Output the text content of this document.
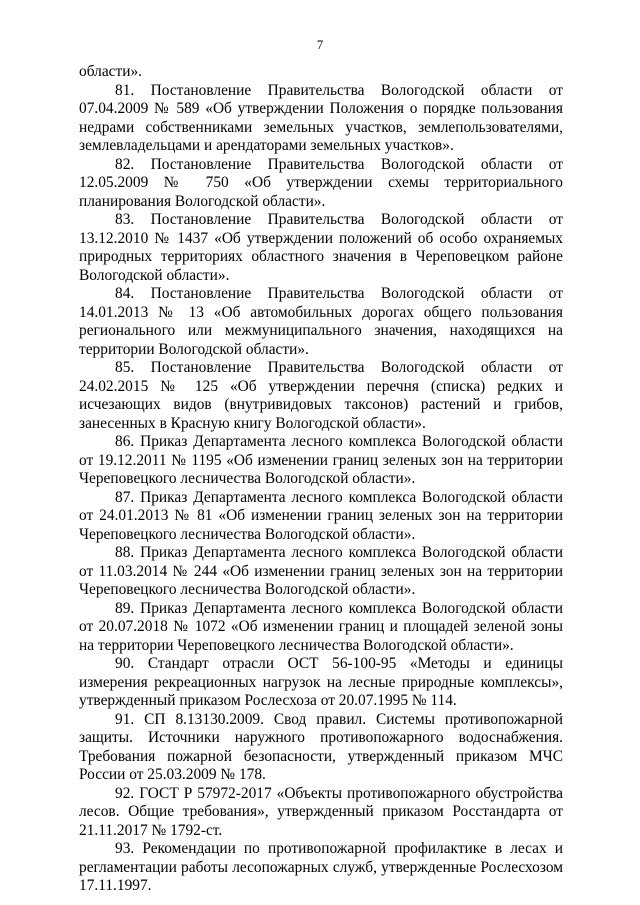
7

области».

81. Постановление Правительства Вологодской области от 07.04.2009 № 589 «Об утверждении Положения о порядке пользования недрами собственниками земельных участков, землепользователями, землевладельцами и арендаторами земельных участков».

82. Постановление Правительства Вологодской области от 12.05.2009 № 750 «Об утверждении схемы территориального планирования Вологодской области».

83. Постановление Правительства Вологодской области от 13.12.2010 № 1437 «Об утверждении положений об особо охраняемых природных территориях областного значения в Череповецком районе Вологодской области».

84. Постановление Правительства Вологодской области от 14.01.2013 № 13 «Об автомобильных дорогах общего пользования регионального или межмуниципального значения, находящихся на территории Вологодской области».

85. Постановление Правительства Вологодской области от 24.02.2015 № 125 «Об утверждении перечня (списка) редких и исчезающих видов (внутривидовых таксонов) растений и грибов, занесенных в Красную книгу Вологодской области».

86. Приказ Департамента лесного комплекса Вологодской области от 19.12.2011 № 1195 «Об изменении границ зеленых зон на территории Череповецкого лесничества Вологодской области».

87. Приказ Департамента лесного комплекса Вологодской области от 24.01.2013 № 81 «Об изменении границ зеленых зон на территории Череповецкого лесничества Вологодской области».

88. Приказ Департамента лесного комплекса Вологодской области от 11.03.2014 № 244 «Об изменении границ зеленых зон на территории Череповецкого лесничества Вологодской области».

89. Приказ Департамента лесного комплекса Вологодской области от 20.07.2018 № 1072 «Об изменении границ и площадей зеленой зоны на территории Череповецкого лесничества Вологодской области».

90. Стандарт отрасли ОСТ 56-100-95 «Методы и единицы измерения рекреационных нагрузок на лесные природные комплексы», утвержденный приказом Рослесхоза от 20.07.1995 № 114.

91. СП 8.13130.2009. Свод правил. Системы противопожарной защиты. Источники наружного противопожарного водоснабжения. Требования пожарной безопасности, утвержденный приказом МЧС России от 25.03.2009 № 178.

92. ГОСТ Р 57972-2017 «Объекты противопожарного обустройства лесов. Общие требования», утвержденный приказом Росстандарта от 21.11.2017 № 1792-ст.

93. Рекомендации по противопожарной профилактике в лесах и регламентации работы лесопожарных служб, утвержденные Рослесхозом 17.11.1997.
